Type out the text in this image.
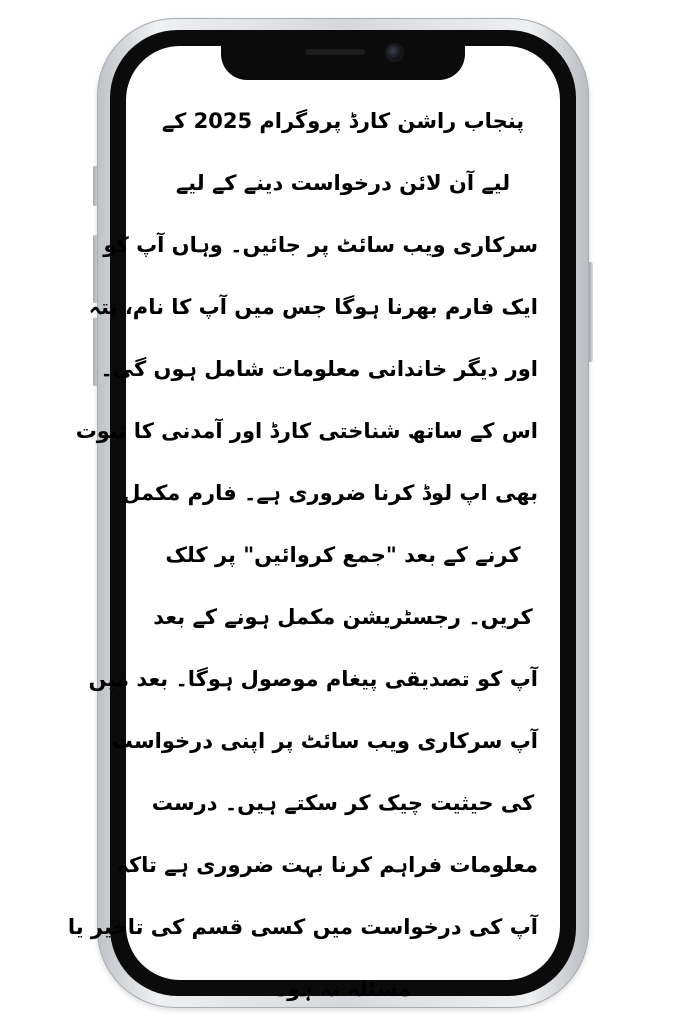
پنجاب راشن کارڈ پروگرام 2025 کے
لیے آن لائن درخواست دینے کے لیے
سرکاری ویب سائٹ پر جائیں۔ وہاں آپ کو
ایک فارم بھرنا ہوگا جس میں آپ کا نام، پتہ
اور دیگر خاندانی معلومات شامل ہوں گی۔
اس کے ساتھ شناختی کارڈ اور آمدنی کا ثبوت
بھی اپ لوڈ کرنا ضروری ہے۔ فارم مکمل
کرنے کے بعد "جمع کروائیں" پر کلک
کریں۔ رجسٹریشن مکمل ہونے کے بعد
آپ کو تصدیقی پیغام موصول ہوگا۔ بعد میں
آپ سرکاری ویب سائٹ پر اپنی درخواست
کی حیثیت چیک کر سکتے ہیں۔ درست
معلومات فراہم کرنا بہت ضروری ہے تاکہ
آپ کی درخواست میں کسی قسم کی تاخیر یا
مسئلہ نہ ہو۔
